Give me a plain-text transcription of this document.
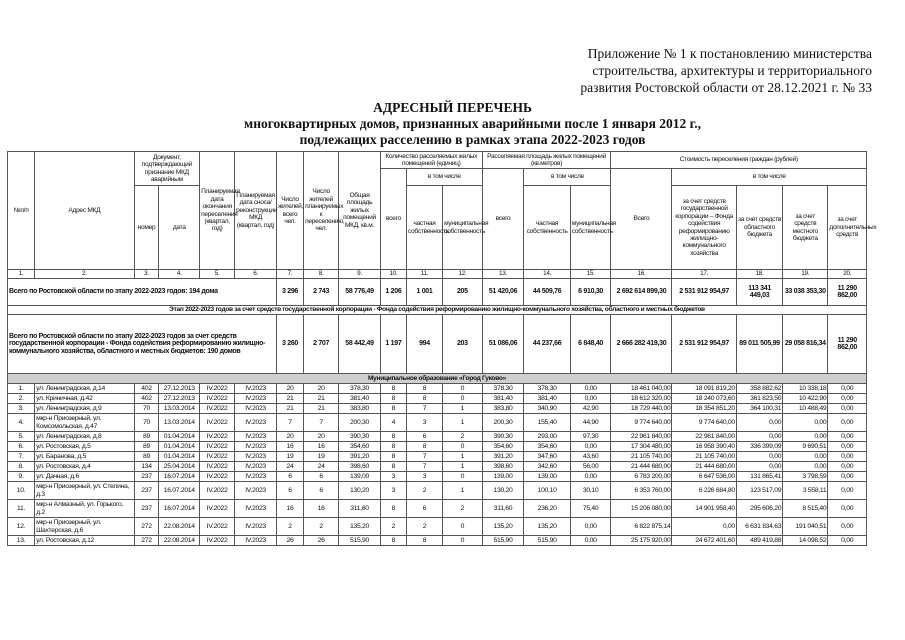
Приложение № 1 к постановлению министерства
строительства, архитектуры и территориального
развития Ростовской области от 28.12.2021 г. № 33
АДРЕСНЫЙ ПЕРЕЧЕНЬ
многоквартирных домов, признанных аварийными после 1 января 2012 г.,
подлежащих расселению в рамках этапа 2022-2023 годов
№п/п	Адрес МКД	Документ, подтверждающий признание МКД аварийным		Планируемая дата окончания переселения (квартал, год)	Планируемая дата сноса/реконструкции МКД (квартал, год)	Число жителей, всего чел.	Число жителей планируемых к переселению, чел.	Общая площадь жилых помещений МКД, кв.м.	Количество расселяемых жилых помещений (единиц)			Расселяемая площадь жилых помещений (кв.метров)			Стоимость переселения граждан (рублей)				
									всего	в том числе		всего	в том числе		Всего	в том числе			
		номер	дата							частная собственность	муниципальная собственность		частная собственность	муниципальная собственность		за счет средств государственной корпорации – Фонда содействия реформированию жилищно-коммунального хозяйства	за счет средств областного бюджета	за счет средств местного бюджета	за счет дополнительных средств
1.	2.	3.	4.	5.	6.	7.	8.	9.	10.	11.	12.	13.	14.	15.	16.	17.	18.	19.	20.
Всего по Ростовской области по этапу 2022-2023 годов: 194 дома						3 296	2 743	58 776,49	1 206	1 001	205	51 420,06	44 509,76	6 910,30	2 692 614 899,30	2 531 912 954,97	113 341 449,03	33 038 353,30	11 290 862,00
Этап 2022-2023 годов за счет средств государственной корпорации - Фонда содействия реформированию жилищно-коммунального хозяйства, областного и местных бюджетов																			
Всего по Ростовской области по этапу 2022-2023 годов за счет средств государственной корпорации - Фонда содействия реформированию жилищно-коммунального хозяйства, областного и местных бюджетов: 190 домов						3 260	2 707	58 442,49	1 197	994	203	51 086,06	44 237,66	6 848,40	2 666 282 419,30	2 531 912 954,97	89 011 505,99	29 058 816,34	11 290 862,00
Муниципальное образование «Город Гуково»																			
1.	ул. Ленинградская, д.14	402	27.12.2013	IV.2022	IV.2023	20	20	378,30	8	8	0	378,30	378,30	0,00	18 461 040,00	18 091 819,20	358 882,62	10 338,18	0,00
2.	ул. Криничная, д.42	402	27.12.2013	IV.2022	IV.2023	21	21	381,40	8	8	0	381,40	381,40	0,00	18 612 320,00	18 240 073,60	361 823,50	10 422,90	0,00
3.	ул. Ленинградская, д.9	70	13.03.2014	IV.2022	IV.2023	21	21	383,80	8	7	1	383,80	340,90	42,90	18 729 440,00	18 354 851,20	364 100,31	10 488,49	0,00
4.	мкр-н Приозерный, ул. Комсомольская, д.47	70	13.03.2014	IV.2022	IV.2023	7	7	200,30	4	3	1	200,30	155,40	44,90	9 774 640,00	9 774 640,00	0,00	0,00	0,00
5.	ул. Ленинградская, д.8	89	01.04.2014	IV.2022	IV.2023	20	20	390,30	8	6	2	390,30	293,00	97,30	22 961 840,00	22 961 840,00	0,00	0,00	0,00
6.	ул. Ростовская, д.5	89	01.04.2014	IV.2022	IV.2023	16	16	354,60	8	8	0	354,60	354,60	0,00	17 304 480,00	16 958 390,40	336 399,09	9 690,51	0,00
7.	ул. Баранова, д.5	89	01.04.2014	IV.2022	IV.2023	19	19	391,20	8	7	1	391,20	347,60	43,60	21 105 740,00	21 105 740,00	0,00	0,00	0,00
8.	ул. Ростовская, д.4	134	25.04.2014	IV.2022	IV.2023	24	24	398,60	8	7	1	398,60	342,60	56,00	21 444 680,00	21 444 680,00	0,00	0,00	0,00
9.	ул. Дачная, д.6	237	16.07.2014	IV.2022	IV.2023	6	6	139,00	3	3	0	139,00	139,00	0,00	6 783 200,00	6 647 536,00	131 865,41	3 798,59	0,00
10.	мкр-н Приозерный, ул. Стелина, д.3	237	16.07.2014	IV.2022	IV.2023	6	6	130,20	3	2	1	130,20	100,10	30,10	6 353 760,00	6 226 684,80	123 517,09	3 558,11	0,00
11.	мкр-н Алмазный, ул. Горького, д.2	237	16.07.2014	IV.2022	IV.2023	16	16	311,60	8	6	2	311,60	236,20	75,40	15 206 080,00	14 901 958,40	295 606,20	8 515,40	0,00
12.	мкр-н Приозерный, ул. Шахтерская, д.6	272	22.08.2014	IV.2022	IV.2023	2	2	135,20	2	2	0	135,20	135,20	0,00	6 822 875,14	0,00	6 631 834,63	191 040,51	0,00
13.	ул. Ростовская, д.12	272	22.08.2014	IV.2022	IV.2023	26	26	515,90	8	8	0	515,90	515,90	0,00	25 175 920,00	24 672 401,60	489 419,88	14 098,52	0,00
